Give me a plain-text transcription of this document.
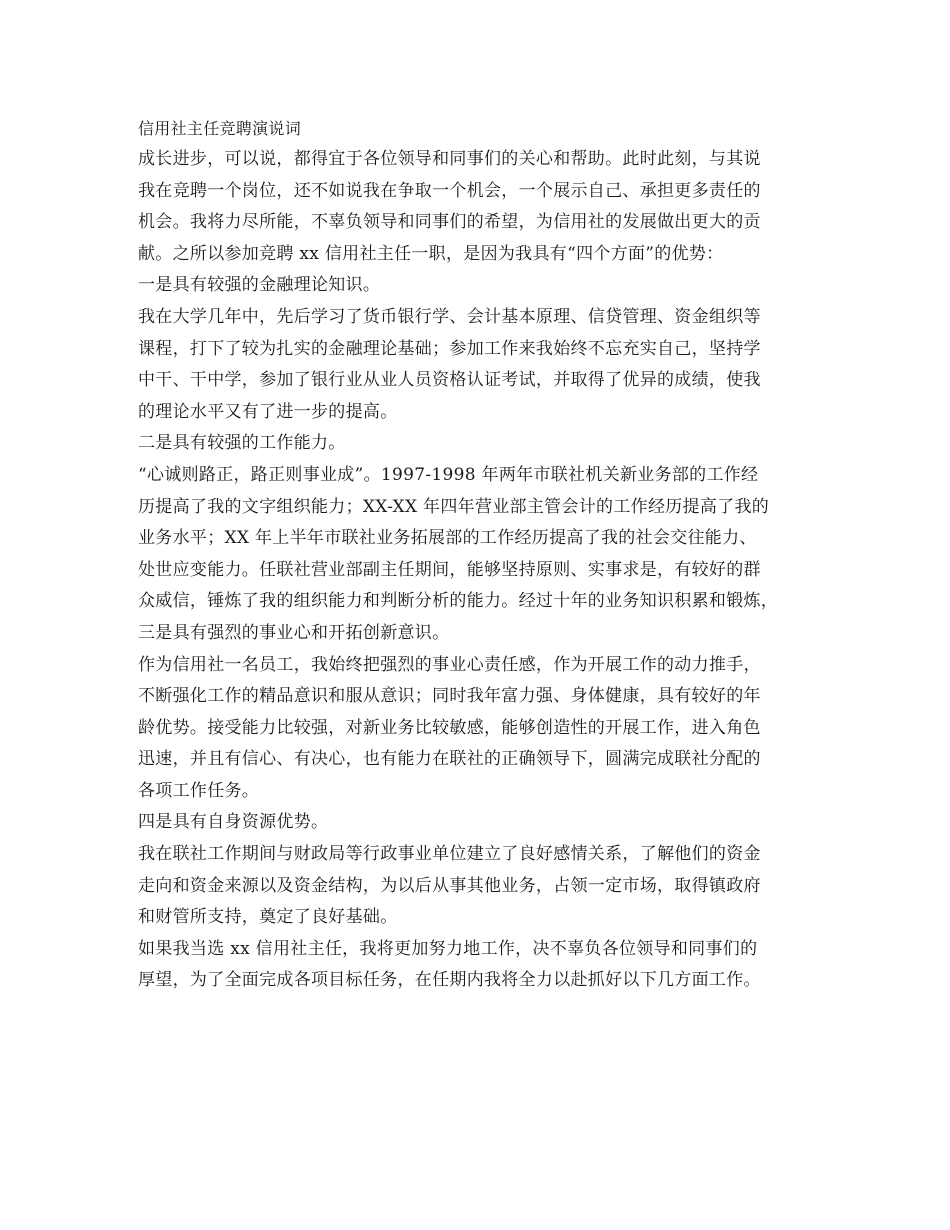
信用社主任竞聘演说词
成长进步，可以说，都得宜于各位领导和同事们的关心和帮助。此时此刻，与其说
我在竞聘一个岗位，还不如说我在争取一个机会，一个展示自己、承担更多责任的
机会。我将力尽所能，不辜负领导和同事们的希望，为信用社的发展做出更大的贡
献。之所以参加竞聘 xx 信用社主任一职，是因为我具有“四个方面”的优势：
一是具有较强的金融理论知识。
我在大学几年中，先后学习了货币银行学、会计基本原理、信贷管理、资金组织等
课程，打下了较为扎实的金融理论基础；参加工作来我始终不忘充实自己，坚持学
中干、干中学，参加了银行业从业人员资格认证考试，并取得了优异的成绩，使我
的理论水平又有了进一步的提高。
二是具有较强的工作能力。
“心诚则路正，路正则事业成”。1997-1998 年两年市联社机关新业务部的工作经
历提高了我的文字组织能力；XX-XX 年四年营业部主管会计的工作经历提高了我的
业务水平；XX 年上半年市联社业务拓展部的工作经历提高了我的社会交往能力、
处世应变能力。任联社营业部副主任期间，能够坚持原则、实事求是，有较好的群
众威信，锤炼了我的组织能力和判断分析的能力。经过十年的业务知识积累和锻炼，
三是具有强烈的事业心和开拓创新意识。
作为信用社一名员工，我始终把强烈的事业心责任感，作为开展工作的动力推手，
不断强化工作的精品意识和服从意识；同时我年富力强、身体健康，具有较好的年
龄优势。接受能力比较强，对新业务比较敏感，能够创造性的开展工作，进入角色
迅速，并且有信心、有决心，也有能力在联社的正确领导下，圆满完成联社分配的
各项工作任务。
四是具有自身资源优势。
我在联社工作期间与财政局等行政事业单位建立了良好感情关系，了解他们的资金
走向和资金来源以及资金结构，为以后从事其他业务，占领一定市场，取得镇政府
和财管所支持，奠定了良好基础。
如果我当选 xx 信用社主任，我将更加努力地工作，决不辜负各位领导和同事们的
厚望，为了全面完成各项目标任务，在任期内我将全力以赴抓好以下几方面工作。
